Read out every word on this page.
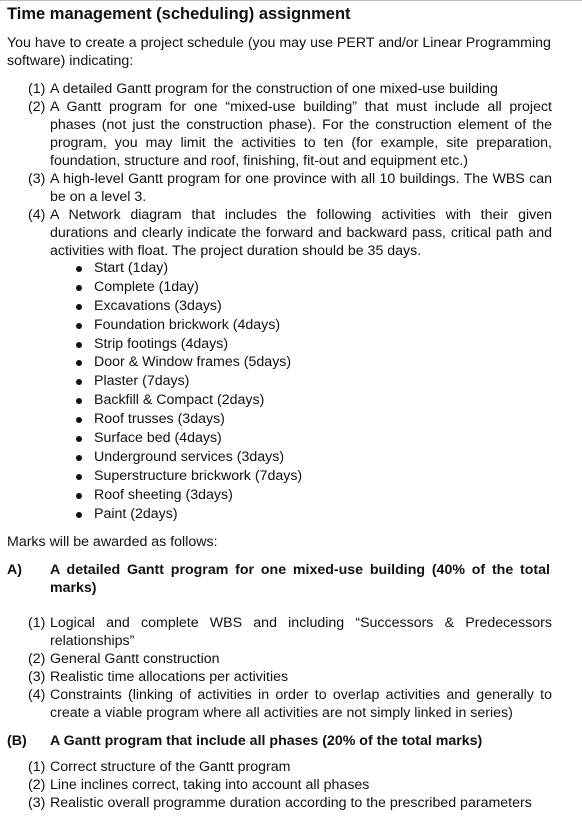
Time management (scheduling) assignment

You have to create a project schedule (you may use PERT and/or Linear Programming software) indicating:

(1) A detailed Gantt program for the construction of one mixed-use building
(2) A Gantt program for one “mixed-use building” that must include all project phases (not just the construction phase). For the construction element of the program, you may limit the activities to ten (for example, site preparation, foundation, structure and roof, finishing, fit-out and equipment etc.)
(3) A high-level Gantt program for one province with all 10 buildings. The WBS can be on a level 3.
(4) A Network diagram that includes the following activities with their given durations and clearly indicate the forward and backward pass, critical path and activities with float. The project duration should be 35 days.
Start (1day)
Complete (1day)
Excavations (3days)
Foundation brickwork (4days)
Strip footings (4days)
Door & Window frames (5days)
Plaster (7days)
Backfill & Compact (2days)
Roof trusses (3days)
Surface bed (4days)
Underground services (3days)
Superstructure brickwork (7days)
Roof sheeting (3days)
Paint (2days)

Marks will be awarded as follows:

A) A detailed Gantt program for one mixed-use building (40% of the total marks)
(1) Logical and complete WBS and including “Successors & Predecessors relationships”
(2) General Gantt construction
(3) Realistic time allocations per activities
(4) Constraints (linking of activities in order to overlap activities and generally to create a viable program where all activities are not simply linked in series)
(B) A Gantt program that include all phases (20% of the total marks)
(1) Correct structure of the Gantt program
(2) Line inclines correct, taking into account all phases
(3) Realistic overall programme duration according to the prescribed parameters
